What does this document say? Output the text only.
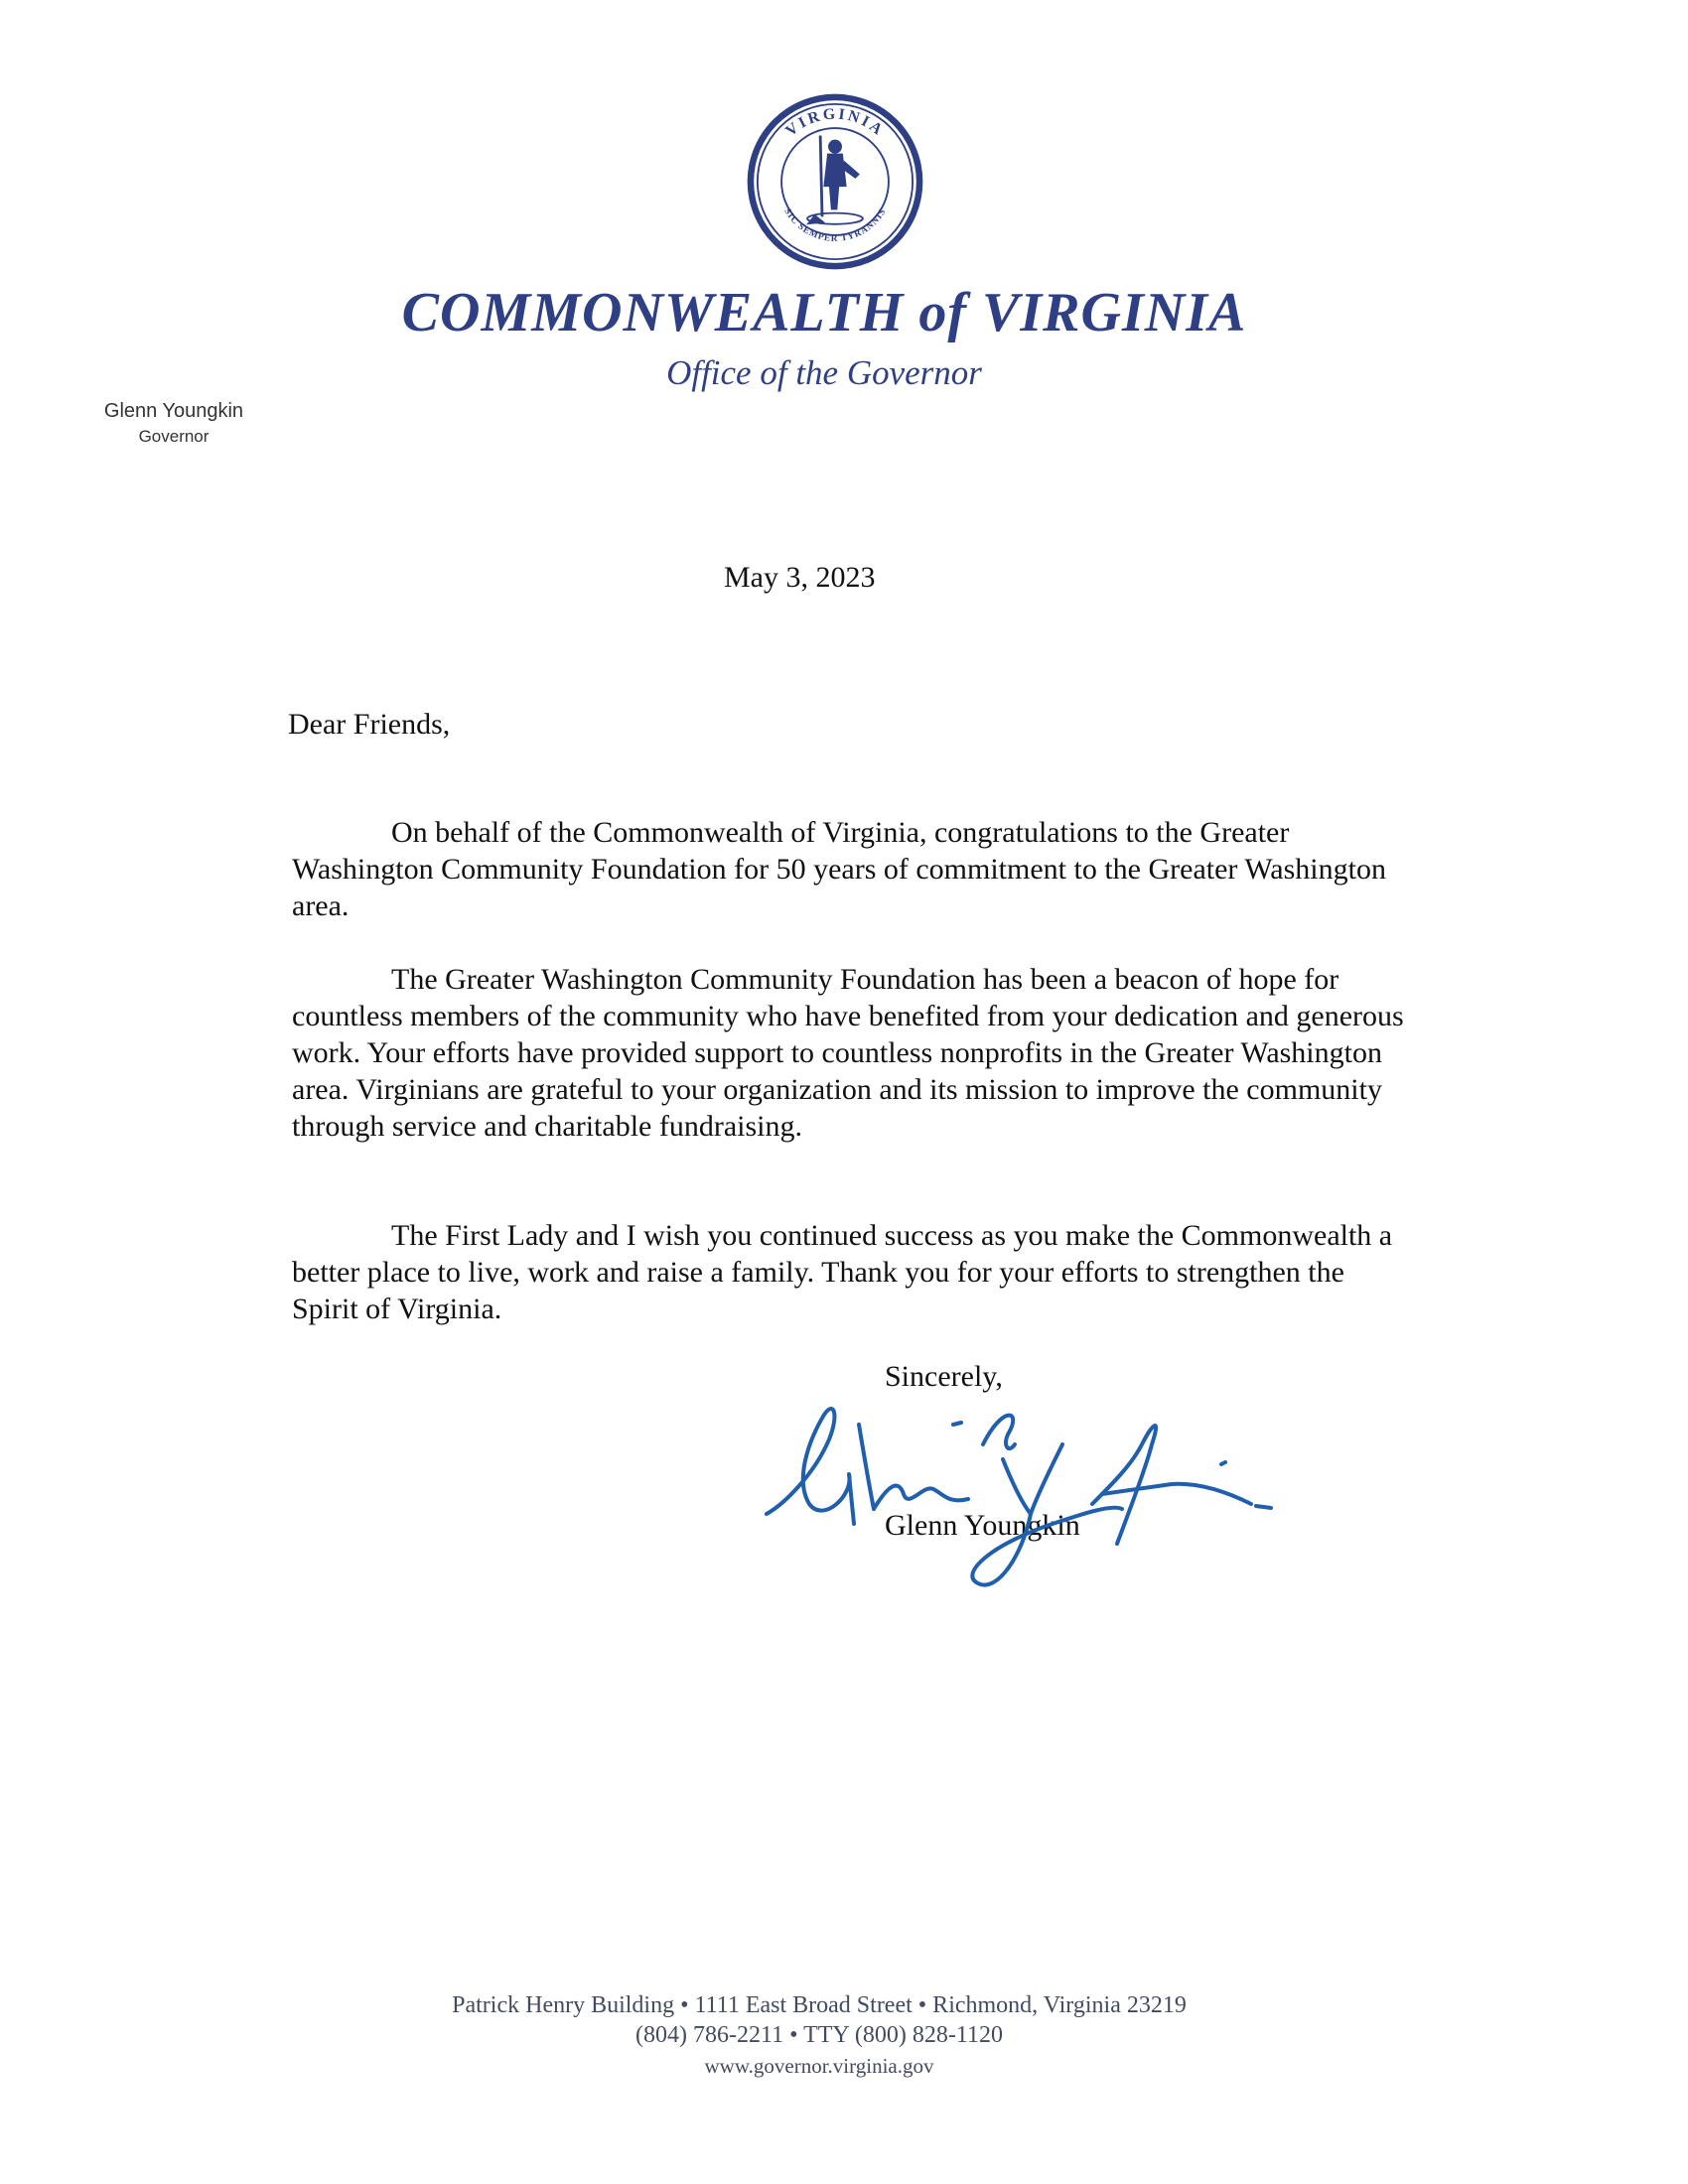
VIRGINIA
SIC SEMPER TYRANNIS
COMMONWEALTH of VIRGINIA
Office of the Governor
Glenn Youngkin
Governor
May 3, 2023
Dear Friends,

On behalf of the Commonwealth of Virginia, congratulations to the Greater Washington Community Foundation for 50 years of commitment to the Greater Washington area.

The Greater Washington Community Foundation has been a beacon of hope for countless members of the community who have benefited from your dedication and generous work. Your efforts have provided support to countless nonprofits in the Greater Washington area. Virginians are grateful to your organization and its mission to improve the community through service and charitable fundraising.

The First Lady and I wish you continued success as you make the Commonwealth a better place to live, work and raise a family. Thank you for your efforts to strengthen the Spirit of Virginia.

Sincerely,
Glenn Youngkin
Patrick Henry Building • 1111 East Broad Street • Richmond, Virginia 23219
(804) 786-2211 • TTY (800) 828-1120
www.governor.virginia.gov
